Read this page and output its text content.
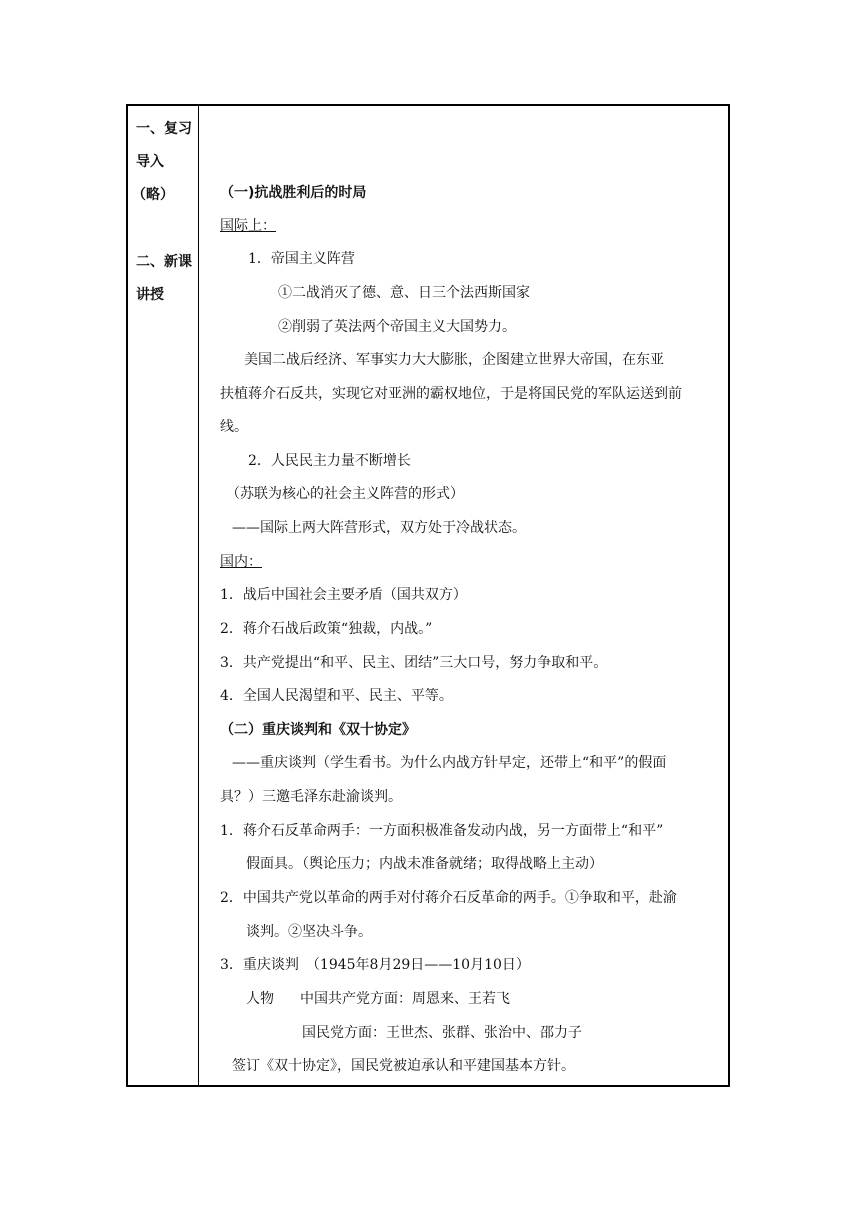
一、复习
导入
（略）
二、新课
讲授
（一)抗战胜利后的时局
国际上：
1．帝国主义阵营
①二战消灭了德、意、日三个法西斯国家
②削弱了英法两个帝国主义大国势力。
美国二战后经济、军事实力大大膨胀，企图建立世界大帝国，在东亚
扶植蒋介石反共，实现它对亚洲的霸权地位，于是将国民党的军队运送到前
线。
2．人民民主力量不断增长
（苏联为核心的社会主义阵营的形式）
——国际上两大阵营形式，双方处于冷战状态。
国内：
1．战后中国社会主要矛盾（国共双方）
2．蒋介石战后政策“独裁，内战。”
3．共产党提出“和平、民主、团结”三大口号，努力争取和平。
4．全国人民渴望和平、民主、平等。
（二）重庆谈判和《双十协定》
——重庆谈判（学生看书。为什么内战方针早定，还带上“和平”的假面
具？）三邀毛泽东赴渝谈判。
1．蒋介石反革命两手：一方面积极准备发动内战，另一方面带上“和平”
假面具。（舆论压力；内战未准备就绪；取得战略上主动）
2．中国共产党以革命的两手对付蒋介石反革命的两手。①争取和平，赴渝
谈判。②坚决斗争。
3．重庆谈判　（1945年8月29日——10月10日）
人物 中国共产党方面：周恩来、王若飞
国民党方面：王世杰、张群、张治中、邵力子
签订《双十协定》，国民党被迫承认和平建国基本方针。
